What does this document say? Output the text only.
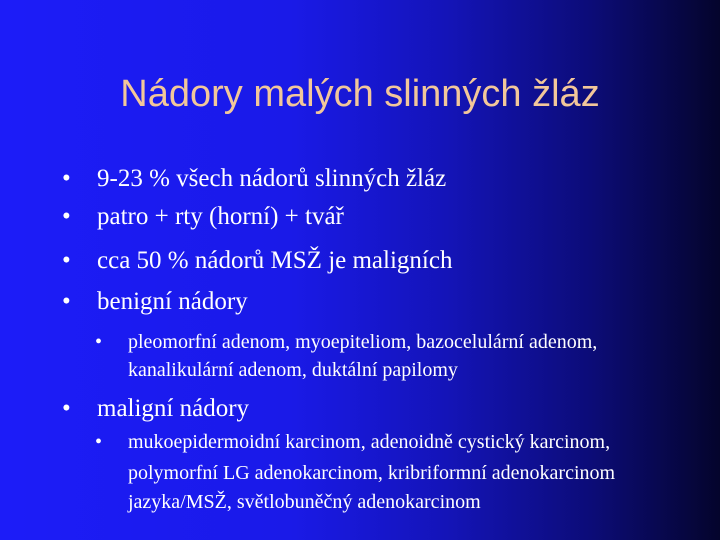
Nádory malých slinných žláz
• 9-23 % všech nádorů slinných žláz
• patro + rty (horní) + tvář
• cca 50 % nádorů MSŽ je maligních
• benigní nádory
• pleomorfní adenom, myoepiteliom, bazocelulární adenom,
kanalikulární adenom, duktální papilomy
• maligní nádory
• mukoepidermoidní karcinom, adenoidně cystický karcinom,
polymorfní LG adenokarcinom, kribriformní adenokarcinom
jazyka/MSŽ, světlobuněčný adenokarcinom
